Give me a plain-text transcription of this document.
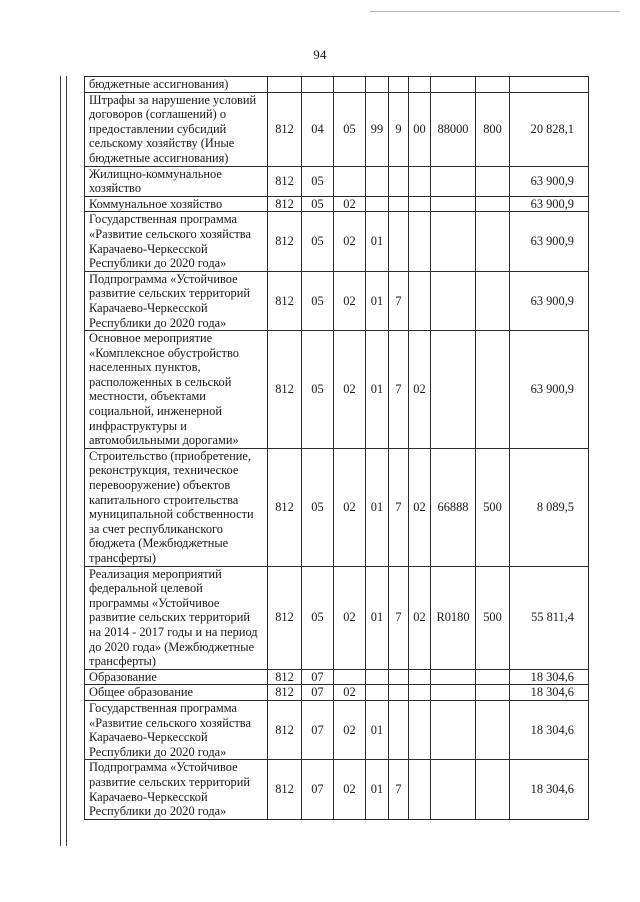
94
бюджетные ассигнования)									
Штрафы за нарушение условий договоров (соглашений) о предоставлении субсидий сельскому хозяйству (Иные бюджетные ассигнования)	812	04	05	99	9	00	88000	800	20 828,1
Жилищно-коммунальное хозяйство	812	05							63 900,9
Коммунальное хозяйство	812	05	02						63 900,9
Государственная программа «Развитие сельского хозяйства Карачаево-Черкесской Республики до 2020 года»	812	05	02	01					63 900,9
Подпрограмма «Устойчивое развитие сельских территорий Карачаево-Черкесской Республики до 2020 года»	812	05	02	01	7				63 900,9
Основное мероприятие «Комплексное обустройство населенных пунктов, расположенных в сельской местности, объектами социальной, инженерной инфраструктуры и автомобильными дорогами»	812	05	02	01	7	02			63 900,9
Строительство (приобретение, реконструкция, техническое перевооружение) объектов капитального строительства муниципальной собственности за счет республиканского бюджета (Межбюджетные трансферты)	812	05	02	01	7	02	66888	500	8 089,5
Реализация мероприятий федеральной целевой программы «Устойчивое развитие сельских территорий на 2014 - 2017 годы и на период до 2020 года» (Межбюджетные трансферты)	812	05	02	01	7	02	R0180	500	55 811,4
Образование	812	07							18 304,6
Общее образование	812	07	02						18 304,6
Государственная программа «Развитие сельского хозяйства Карачаево-Черкесской Республики до 2020 года»	812	07	02	01					18 304,6
Подпрограмма «Устойчивое развитие сельских территорий Карачаево-Черкесской Республики до 2020 года»	812	07	02	01	7				18 304,6
